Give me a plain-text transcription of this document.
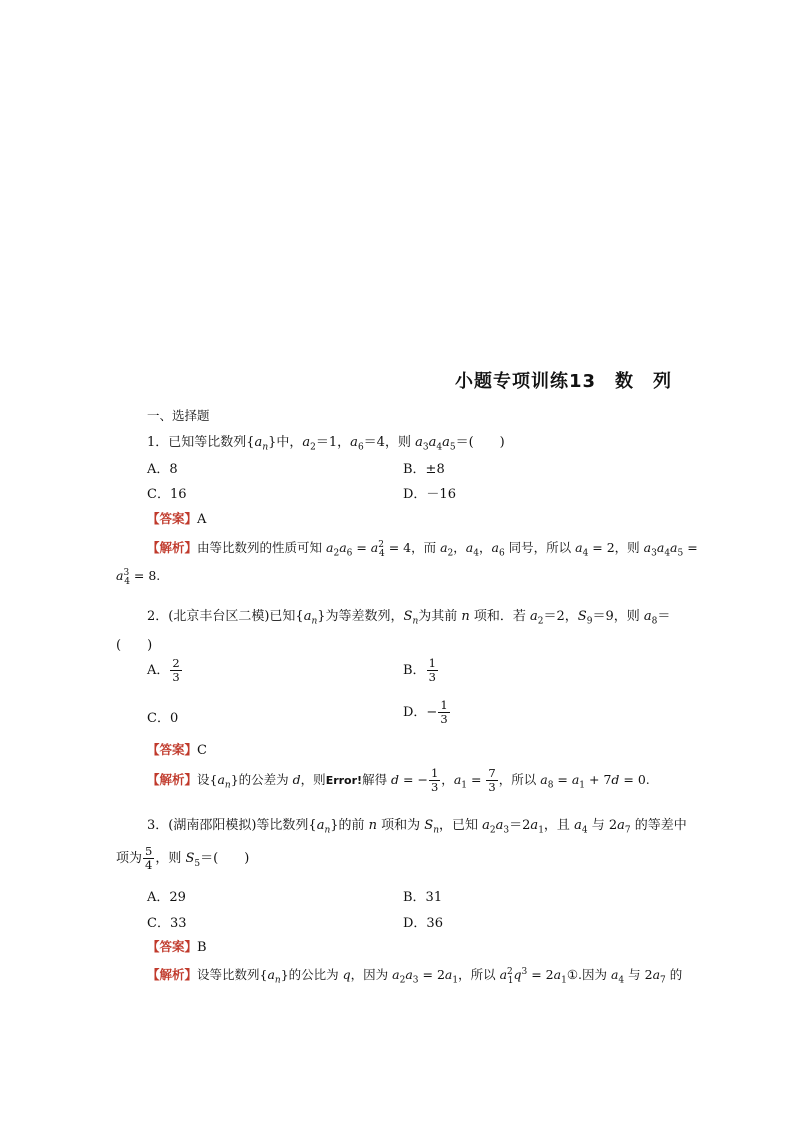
小题专项训练13　数　列
一、选择题
1．已知等比数列$\{a_n\}$中，$a_2=1$，$a_6=4$，则 $a_3a_4a_5=$(　　)
A．8	B．±8
C．16	D．－16
【答案】A
【解析】由等比数列的性质可知 $a_2a_6 = a^2_4 = 4$，而 $a_2$，$a_4$，$a_6$ 同号，所以 $a_4 = 2$，则 $a_3a_4a_5$ =
$a^3_4 = 8$.
2．(北京丰台区二模)已知$\{a_n\}$为等差数列，$S_n$为其前 n 项和．若 $a_2=2$，$S_9=9$，则 $a_8=$
(　　)
A． $\frac{2}{3}$	B． $\frac{1}{3}$
C．0	D．− $\frac{1}{3}$
【答案】C
【解析】设$\{a_n\}$的公差为 d，则Error!解得 d = − $\frac{1}{3}$ ，$a_1 = \frac{7}{3}$ ，所以 $a_8 = a_1 + 7d = 0$.
3．(湖南邵阳模拟)等比数列$\{a_n\}$的前 n 项和为 $S_n$，已知 $a_2a_3=2a_1$，且 $a_4$ 与 $2a_7$ 的等差中
项为 $\frac{5}{4}$ ，则 $S_5=$(　　)
A．29	B．31
C．33	D．36
【答案】B
【解析】设等比数列$\{a_n\}$的公比为 q，因为 $a_2a_3 = 2a_1$，所以 $a^2_1q^3$ = $2a_1①$.因为 $a_4$ 与 $2a_7$ 的
